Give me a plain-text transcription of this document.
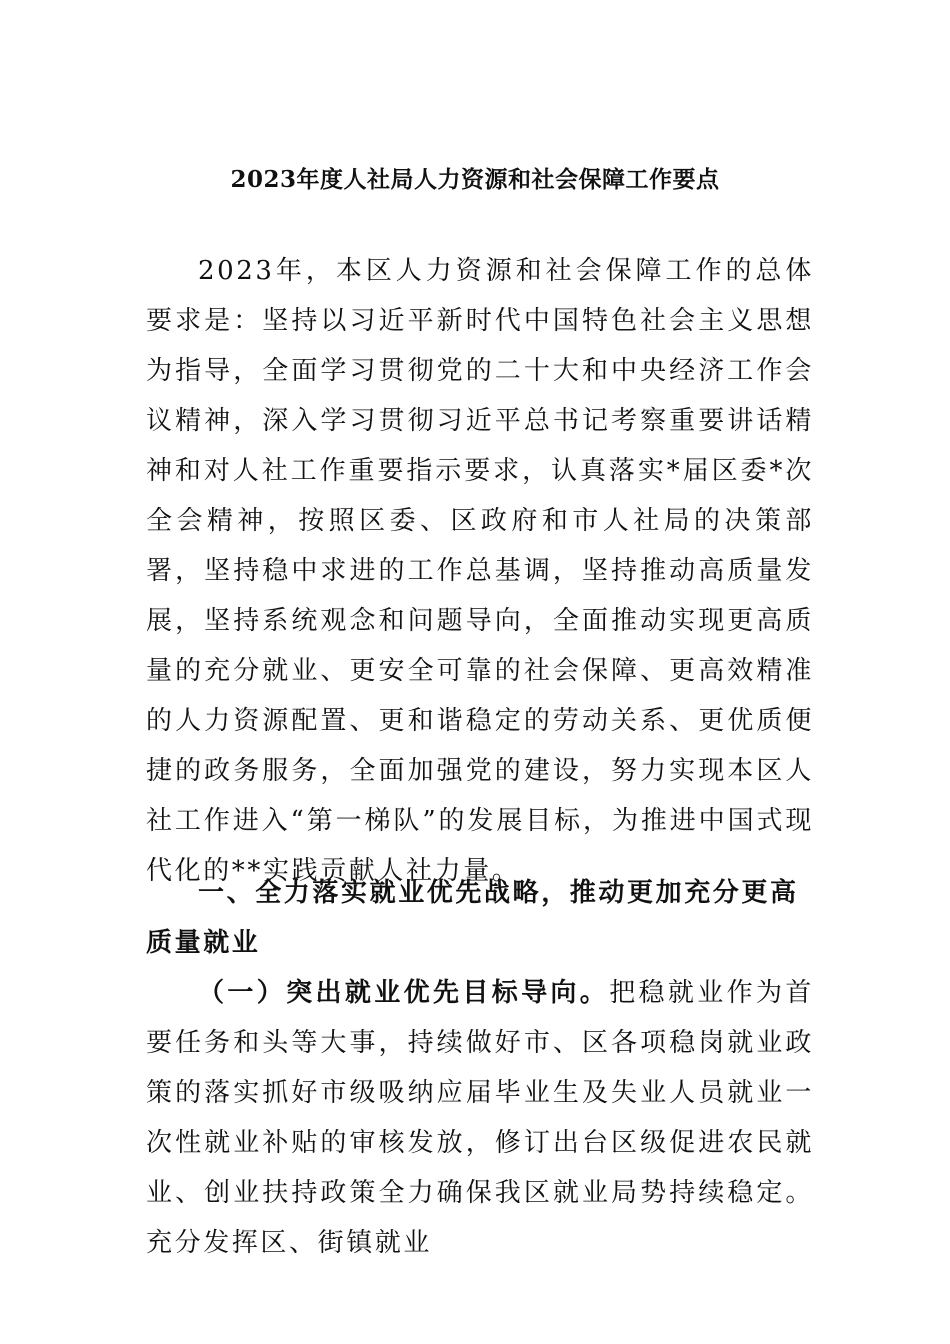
2023年度人社局人力资源和社会保障工作要点

2023年，本区人力资源和社会保障工作的总体要求是：坚持以习近平新时代中国特色社会主义思想为指导，全面学习贯彻党的二十大和中央经济工作会议精神，深入学习贯彻习近平总书记考察重要讲话精神和对人社工作重要指示要求，认真落实*届区委*次全会精神，按照区委、区政府和市人社局的决策部署，坚持稳中求进的工作总基调，坚持推动高质量发展，坚持系统观念和问题导向，全面推动实现更高质量的充分就业、更安全可靠的社会保障、更高效精准的人力资源配置、更和谐稳定的劳动关系、更优质便捷的政务服务，全面加强党的建设，努力实现本区人社工作进入“第一梯队”的发展目标，为推进中国式现代化的**实践贡献人社力量。

一、全力落实就业优先战略，推动更加充分更高质量就业

（一）突出就业优先目标导向。把稳就业作为首要任务和头等大事，持续做好市、区各项稳岗就业政策的落实抓好市级吸纳应届毕业生及失业人员就业一次性就业补贴的审核发放，修订出台区级促进农民就业、创业扶持政策全力确保我区就业局势持续稳定。充分发挥区、街镇就业
